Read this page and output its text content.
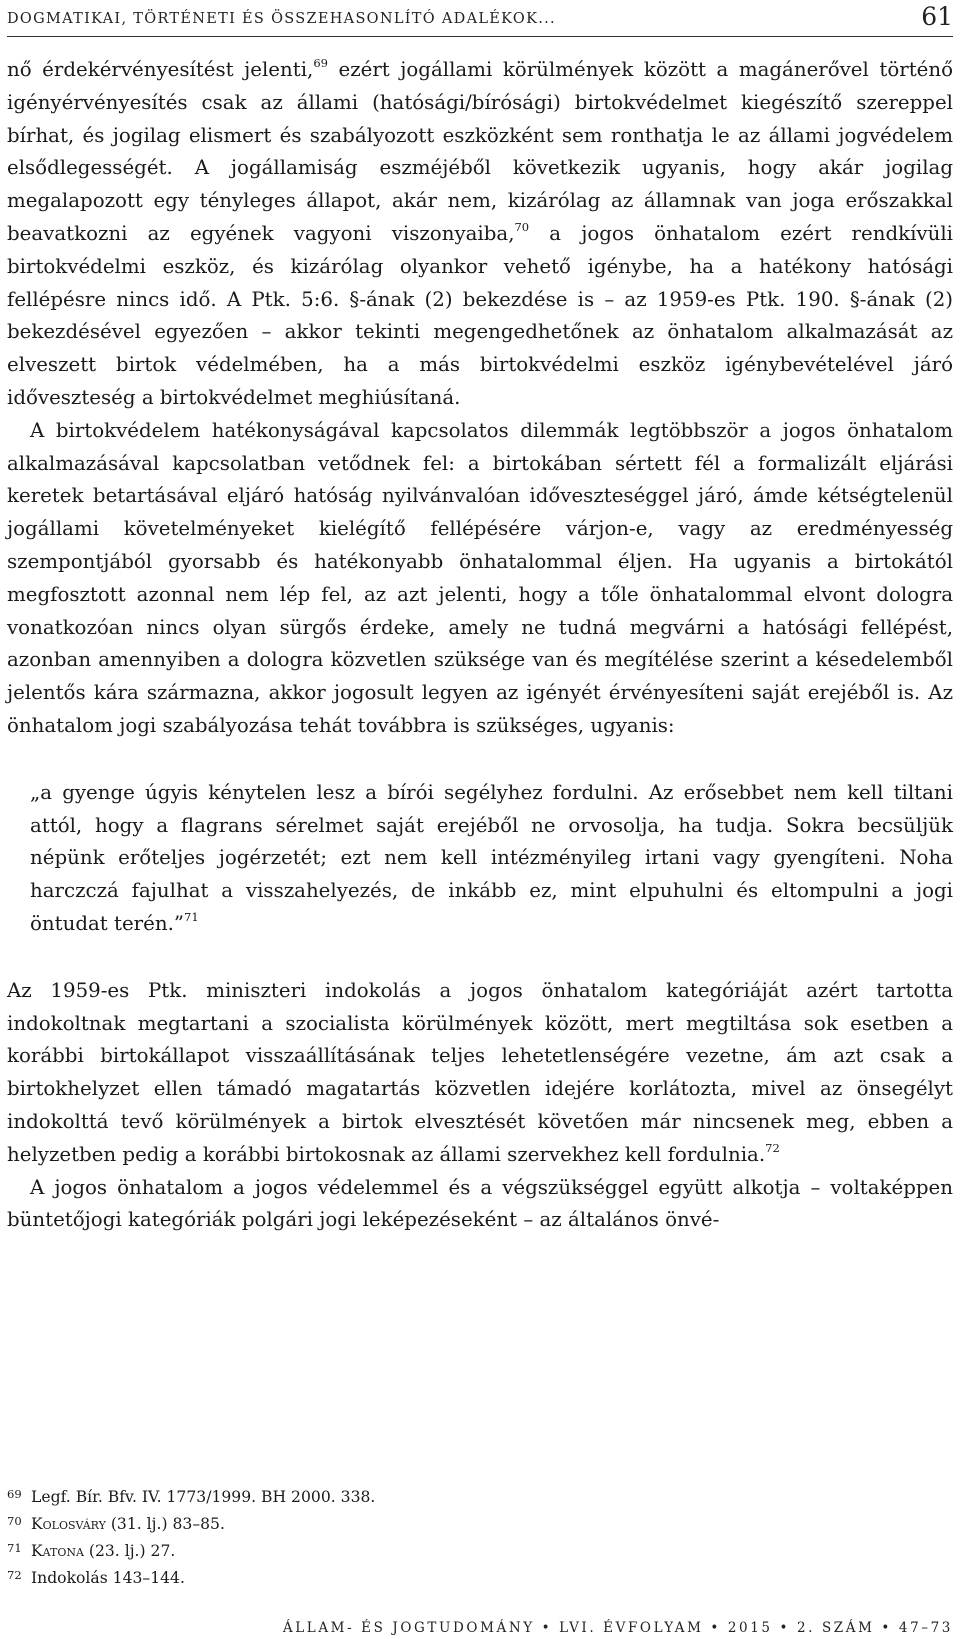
DOGMATIKAI, TÖRTÉNETI ÉS ÖSSZEHASONLÍTÓ ADALÉKOK...	61

nő érdekérvényesítést jelenti,$^{69}$ ezért jogállami körülmények között a magánerővel történő igényérvényesítés csak az állami (hatósági/bírósági) birtokvédelmet kiegészítő szereppel bírhat, és jogilag elismert és szabályozott eszközként sem ronthatja le az állami jogvédelem elsődlegességét. A jogállamiság eszméjéből következik ugyanis, hogy akár jogilag megalapozott egy tényleges állapot, akár nem, kizárólag az államnak van joga erőszakkal beavatkozni az egyének vagyoni viszonyaiba,$^{70}$ a jogos önhatalom ezért rendkívüli birtokvédelmi eszköz, és kizárólag olyankor vehető igénybe, ha a hatékony hatósági fellépésre nincs idő. A Ptk. 5:6. §-ának (2) bekezdése is – az 1959-es Ptk. 190. §-ának (2) bekezdésével egyezően – akkor tekinti megengedhetőnek az önhatalom alkalmazását az elveszett birtok védelmében, ha a más birtokvédelmi eszköz igénybevételével járó időveszteség a birtokvédelmet meghiúsítaná.

A birtokvédelem hatékonyságával kapcsolatos dilemmák legtöbbször a jogos önhatalom alkalmazásával kapcsolatban vetődnek fel: a birtokában sértett fél a formalizált eljárási keretek betartásával eljáró hatóság nyilvánvalóan időveszteséggel járó, ámde kétségtelenül jogállami követelményeket kielégítő fellépésére várjon-e, vagy az eredményesség szempontjából gyorsabb és hatékonyabb önhatalommal éljen. Ha ugyanis a birtokától megfosztott azonnal nem lép fel, az azt jelenti, hogy a tőle önhatalommal elvont dologra vonatkozóan nincs olyan sürgős érdeke, amely ne tudná megvárni a hatósági fellépést, azonban amennyiben a dologra közvetlen szüksége van és megítélése szerint a késedelemből jelentős kára származna, akkor jogosult legyen az igényét érvényesíteni saját erejéből is. Az önhatalom jogi szabályozása tehát továbbra is szükséges, ugyanis:

„a gyenge úgyis kénytelen lesz a bírói segélyhez fordulni. Az erősebbet nem kell tiltani attól, hogy a flagrans sérelmet saját erejéből ne orvosolja, ha tudja. Sokra becsüljük népünk erőteljes jogérzetét; ezt nem kell intézményileg irtani vagy gyengíteni. Noha harczczá fajulhat a visszahelyezés, de inkább ez, mint elpuhulni és eltompulni a jogi öntudat terén.”$^{71}$

Az 1959-es Ptk. miniszteri indokolás a jogos önhatalom kategóriáját azért tartotta indokoltnak megtartani a szocialista körülmények között, mert megtiltása sok esetben a korábbi birtokállapot visszaállításának teljes lehetetlenségére vezetne, ám azt csak a birtokhelyzet ellen támadó magatartás közvetlen idejére korlátozta, mivel az önsegélyt indokolttá tevő körülmények a birtok elvesztését követően már nincsenek meg, ebben a helyzetben pedig a korábbi birtokosnak az állami szervekhez kell fordulnia.$^{72}$

A jogos önhatalom a jogos védelemmel és a végszükséggel együtt alkotja – voltaképpen büntetőjogi kategóriák polgári jogi leképezéseként – az általános önvé-

69 Legf. Bír. Bfv. IV. 1773/1999. BH 2000. 338.
70 Kolosváry (31. lj.) 83–85.
71 Katona (23. lj.) 27.
72 Indokolás 143–144.
ÁLLAM- ÉS JOGTUDOMÁNY • LVI. ÉVFOLYAM • 2015 • 2. SZÁM • 47–73
